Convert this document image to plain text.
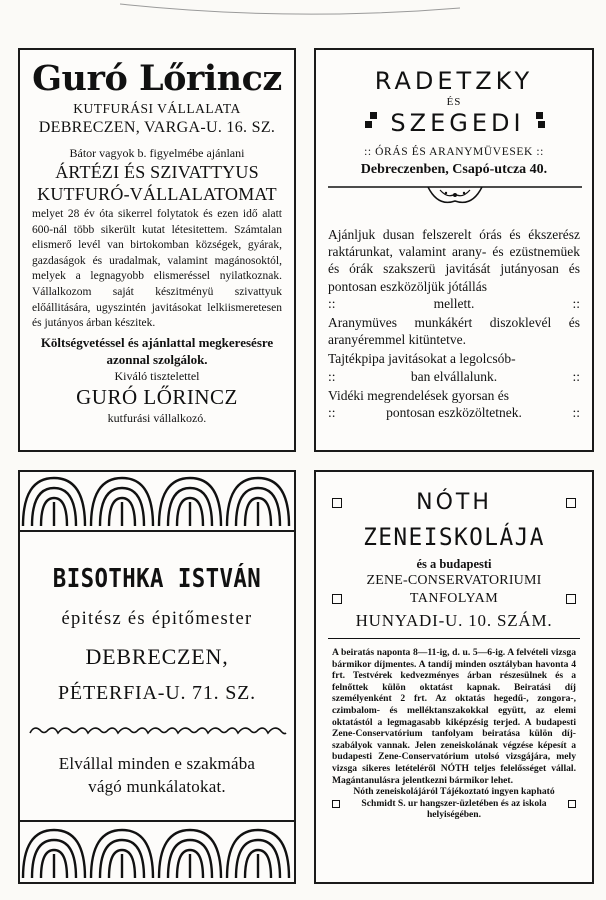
Guró Lőrincz
KUTFURÁSI VÁLLALATA
DEBRECZEN, VARGA-U. 16. SZ.
Bátor vagyok b. figyelmébe ajánlani
ÁRTÉZI ÉS SZIVATTYUS
KUTFURÓ-VÁLLALATOMAT
melyet 28 év óta sikerrel folytatok és ezen idő alatt 600-nál több sikerült kutat létesitettem. Számtalan elismerő levél van birtokomban községek, gyárak, gazdaságok és uradalmak, valamint magánosoktól, melyek a legnagyobb elismeréssel nyilatkoznak. Vállalkozom saját készitményü szivattyuk előállitására, ugyszintén javitásokat lelkiismeretesen és jutányos árban készitek.
Költségvetéssel és ajánlattal megkeresésre azonnal szolgálok.
Kiváló tisztelettel
GURÓ LŐRINCZ
kutfurási vállalkozó.
RADETZKY
ÉS
SZEGEDI
:: ÓRÁS ÉS ARANYMÜVESEK ::
Debreczenben, Csapó-utcza 40.
Ajánljuk dusan felszerelt órás és ékszerész raktárunkat, valamint arany- és ezüstnemüek és órák szakszerü javitását jutányosan és pontosan eszközöljük jótállás
::	mellett.	::
Aranymüves munkákért diszoklevél és aranyéremmel kitüntetve.
Tajtékpipa javitásokat a legolcsób-
::	ban elvállalunk.	::
Vidéki megrendelések gyorsan és
::	pontosan eszközöltetnek.	::
BISOTHKA ISTVÁN
épitész és épitőmester
DEBRECZEN,
PÉTERFIA-U. 71. SZ.
Elvállal minden e szakmába
vágó munkálatokat.
NÓTH
ZENEISKOLÁJA
és a budapesti
ZENE-CONSERVATORIUMI
TANFOLYAM
HUNYADI-U. 10. SZÁM.
A beiratás naponta 8—11-ig, d. u. 5—6-ig. A felvételi vizsga bármikor díjmentes. A tandíj minden osztályban havonta 4 frt. Testvérek kedvezményes árban részesülnek és a felnőttek külön oktatást kapnak. Beiratási díj személyenként 2 frt. Az oktatás hegedű-, zongora-, czimbalom- és melléktanszakokkal együtt, az elemi oktatástól a legmagasabb kiképzésig terjed. A budapesti Zene-Conservatórium tanfolyam beiratása külön díj-szabályok vannak. Jelen zeneiskolának végzése képesít a budapesti Zene-Conservatórium utolsó vizsgájára, mely vizsga sikeres letételéről NÓTH teljes felelősséget vállal. Magántanulásra jelentkezni bármikor lehet.
Nóth zeneiskolájáról Tájékoztató ingyen kapható Schmidt S. ur hangszer-üzletében és az iskola helyiségében.
